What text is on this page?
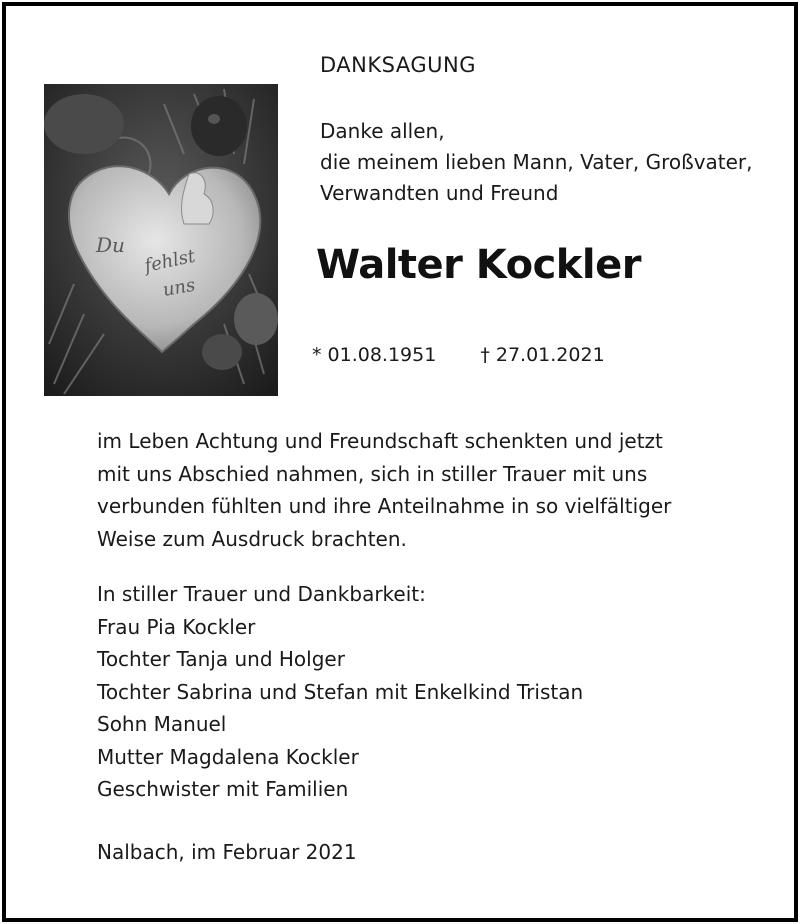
Du
fehlst
uns
DANKSAGUNG
Danke allen,
die meinem lieben Mann, Vater, Großvater,
Verwandten und Freund
Walter Kockler
* 01.08.1951 † 27.01.2021
im Leben Achtung und Freundschaft schenkten und jetzt
mit uns Abschied nahmen, sich in stiller Trauer mit uns
verbunden fühlten und ihre Anteilnahme in so vielfältiger
Weise zum Ausdruck brachten.
In stiller Trauer und Dankbarkeit:
Frau Pia Kockler
Tochter Tanja und Holger
Tochter Sabrina und Stefan mit Enkelkind Tristan
Sohn Manuel
Mutter Magdalena Kockler
Geschwister mit Familien
Nalbach, im Februar 2021
